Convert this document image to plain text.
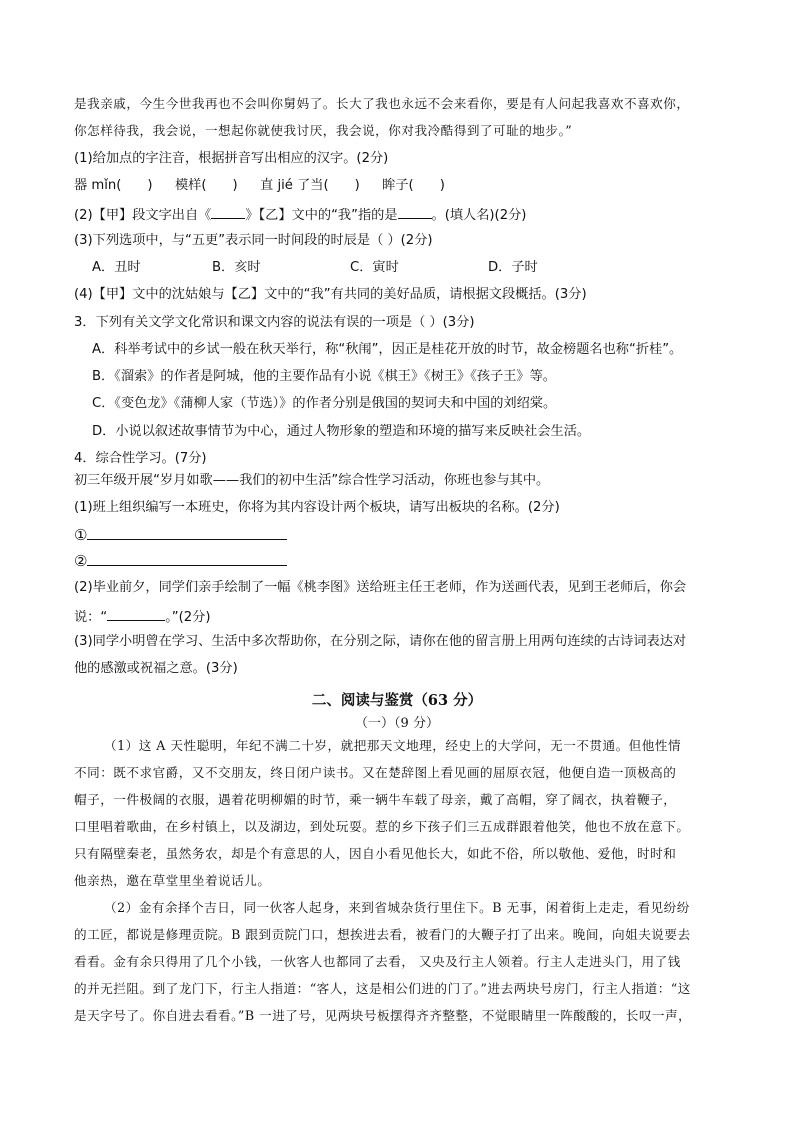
是我亲戚，今生今世我再也不会叫你舅妈了。长大了我也永远不会来看你，要是有人问起我喜欢不喜欢你，
你怎样待我，我会说，一想起你就使我讨厌，我会说，你对我冷酷得到了可耻的地步。”
(1)给加点的字注音，根据拼音写出相应的汉字。(2分)
器 mǐn( ) 模样( ) 直 jié 了当( ) 眸子( )
(2)【甲】段文字出自《	》【乙】文中的“我”指的是	。(填人名)(2分)
(3)下列选项中，与“五更”表示同一时间段的时辰是（ ）(2分)
A．丑时	B．亥时	C．寅时	D．子时
(4)【甲】文中的沈姑娘与【乙】文中的“我”有共同的美好品质，请根据文段概括。(3分)
3．下列有关文学文化常识和课文内容的说法有误的一项是（ ）(3分)
A．科举考试中的乡试一般在秋天举行，称“秋闱”，因正是桂花开放的时节，故金榜题名也称“折桂”。
B．《溜索》的作者是阿城，他的主要作品有小说《棋王》《树王》《孩子王》等。
C．《变色龙》《蒲柳人家（节选）》的作者分别是俄国的契诃夫和中国的刘绍棠。
D．小说以叙述故事情节为中心，通过人物形象的塑造和环境的描写来反映社会生活。
4．综合性学习。(7分)
初三年级开展“岁月如歌——我们的初中生活”综合性学习活动，你班也参与其中。
(1)班上组织编写一本班史，你将为其内容设计两个板块，请写出板块的名称。(2分)
①
②
(2)毕业前夕，同学们亲手绘制了一幅《桃李图》送给班主任王老师，作为送画代表，见到王老师后，你会
说：“	。”(2分)
(3)同学小明曾在学习、生活中多次帮助你，在分别之际，请你在他的留言册上用两句连续的古诗词表达对
他的感激或祝福之意。(3分)
二、阅读与鉴赏（63 分）
（一）（9 分）
（1）这 A 天性聪明，年纪不满二十岁，就把那天文地理，经史上的大学问，无一不贯通。但他性情
不同：既不求官爵，又不交朋友，终日闭户读书。又在楚辞图上看见画的屈原衣冠，他便自造一顶极高的
帽子，一件极阔的衣服，遇着花明柳媚的时节，乘一辆牛车载了母亲，戴了高帽，穿了阔衣，执着鞭子，
口里唱着歌曲，在乡村镇上，以及湖边，到处玩耍。惹的乡下孩子们三五成群跟着他笑，他也不放在意下。
只有隔壁秦老，虽然务农，却是个有意思的人，因自小看见他长大，如此不俗，所以敬他、爱他，时时和
他亲热，邀在草堂里坐着说话儿。
（2）金有余择个吉日，同一伙客人起身，来到省城杂货行里住下。B 无事，闲着街上走走，看见纷纷
的工匠，都说是修理贡院。B 跟到贡院门口，想挨进去看，被看门的大鞭子打了出来。晚间，向姐夫说要去
看看。金有余只得用了几个小钱，一伙客人也都同了去看， 又央及行主人领着。行主人走进头门，用了钱
的并无拦阻。到了龙门下，行主人指道：“客人，这是相公们进的门了。”进去两块号房门，行主人指道：“这
是天字号了。你自进去看看。”B 一进了号，见两块号板摆得齐齐整整，不觉眼睛里一阵酸酸的，长叹一声，
